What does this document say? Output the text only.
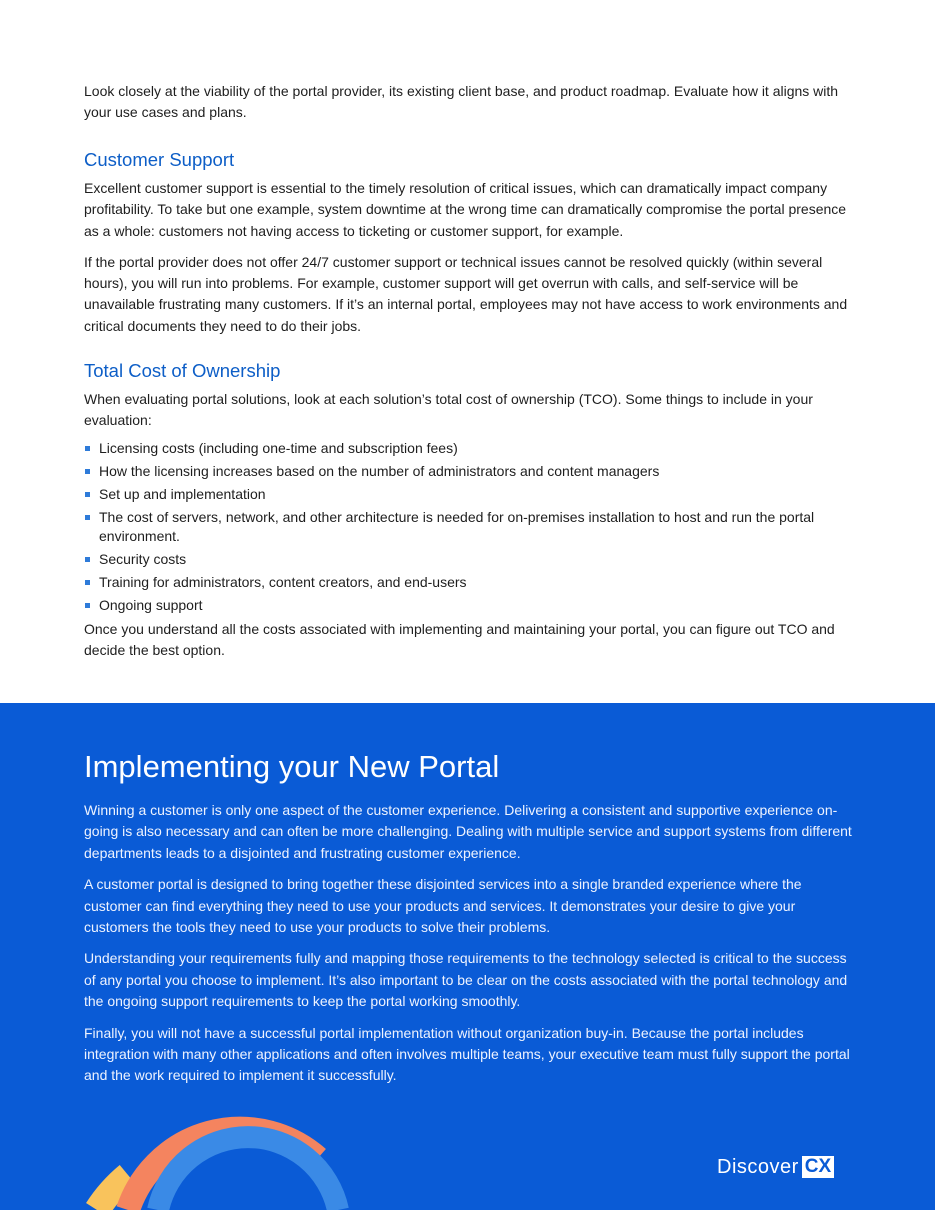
Look closely at the viability of the portal provider, its existing client base, and product roadmap. Evaluate how it aligns with your use cases and plans.

Customer Support

Excellent customer support is essential to the timely resolution of critical issues, which can dramatically impact company profitability. To take but one example, system downtime at the wrong time can dramatically compromise the portal presence as a whole: customers not having access to ticketing or customer support, for example.

If the portal provider does not offer 24/7 customer support or technical issues cannot be resolved quickly (within several hours), you will run into problems. For example, customer support will get overrun with calls, and self-service will be unavailable frustrating many customers. If it’s an internal portal, employees may not have access to work environments and critical documents they need to do their jobs.

Total Cost of Ownership

When evaluating portal solutions, look at each solution’s total cost of ownership (TCO). Some things to include in your evaluation:

Licensing costs (including one-time and subscription fees)
How the licensing increases based on the number of administrators and content managers
Set up and implementation
The cost of servers, network, and other architecture is needed for on-premises installation to host and run the portal environment.
Security costs
Training for administrators, content creators, and end-users
Ongoing support

Once you understand all the costs associated with implementing and maintaining your portal, you can figure out TCO and decide the best option.

Implementing your New Portal

Winning a customer is only one aspect of the customer experience. Delivering a consistent and supportive experience on-going is also necessary and can often be more challenging. Dealing with multiple service and support systems from different departments leads to a disjointed and frustrating customer experience.

A customer portal is designed to bring together these disjointed services into a single branded experience where the customer can find everything they need to use your products and services. It demonstrates your desire to give your customers the tools they need to use your products to solve their problems.

Understanding your requirements fully and mapping those requirements to the technology selected is critical to the success of any portal you choose to implement. It’s also important to be clear on the costs associated with the portal technology and the ongoing support requirements to keep the portal working smoothly.

Finally, you will not have a successful portal implementation without organization buy-in. Because the portal includes integration with many other applications and often involves multiple teams, your executive team must fully support the portal and the work required to implement it successfully.

Discover CX
